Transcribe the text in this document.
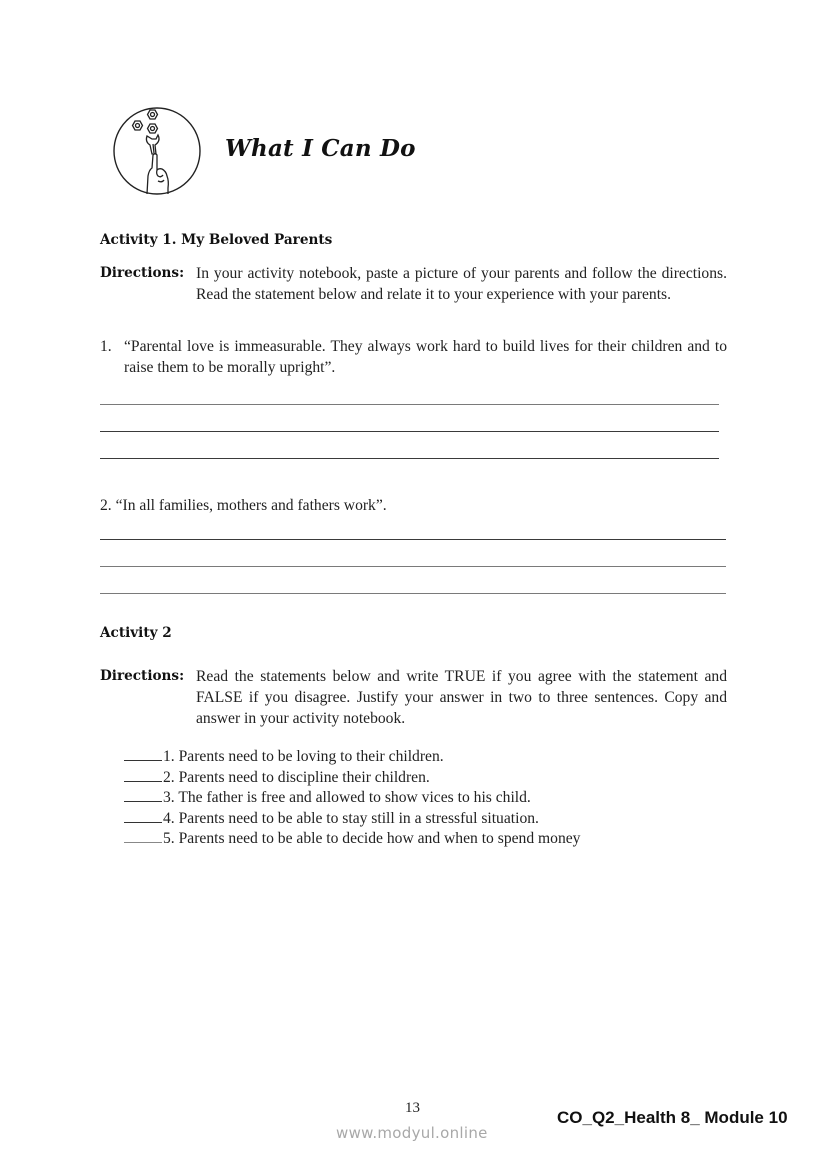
What I Can Do
Activity 1. My Beloved Parents
Directions: In your activity notebook, paste a picture of your parents and follow the directions. Read the statement below and relate it to your experience with your parents.
1. “Parental love is immeasurable. They always work hard to build lives for their children and to raise them to be morally upright”.
2. “In all families, mothers and fathers work”.
Activity 2
Directions: Read the statements below and write TRUE if you agree with the statement and FALSE if you disagree. Justify your answer in two to three sentences. Copy and answer in your activity notebook.
1. Parents need to be loving to their children.
2. Parents need to discipline their children.
3. The father is free and allowed to show vices to his child.
4. Parents need to be able to stay still in a stressful situation.
5. Parents need to be able to decide how and when to spend money
13
www.modyul.online
CO_Q2_Health 8_ Module 10
